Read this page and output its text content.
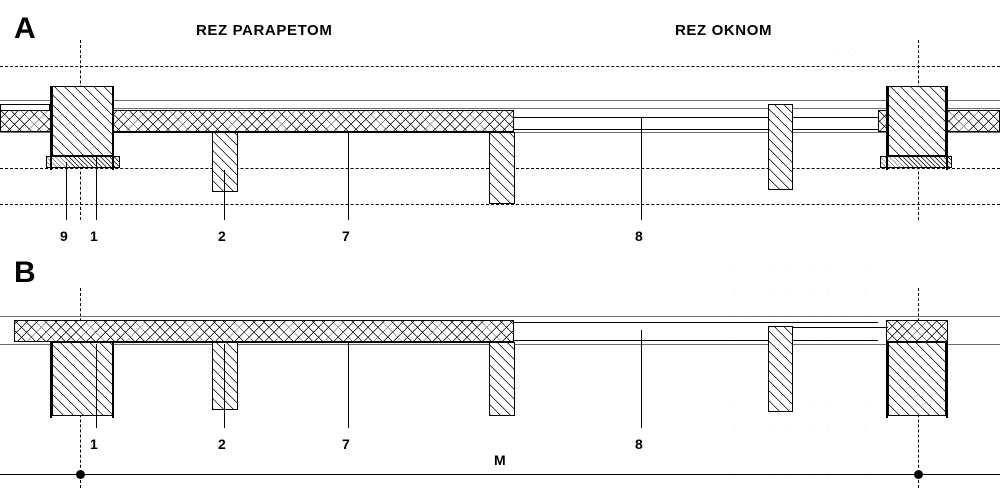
A	REZ PARAPETOM	REZ OKNOM
9 1	2	7	8
B
1	2	7	8
M
